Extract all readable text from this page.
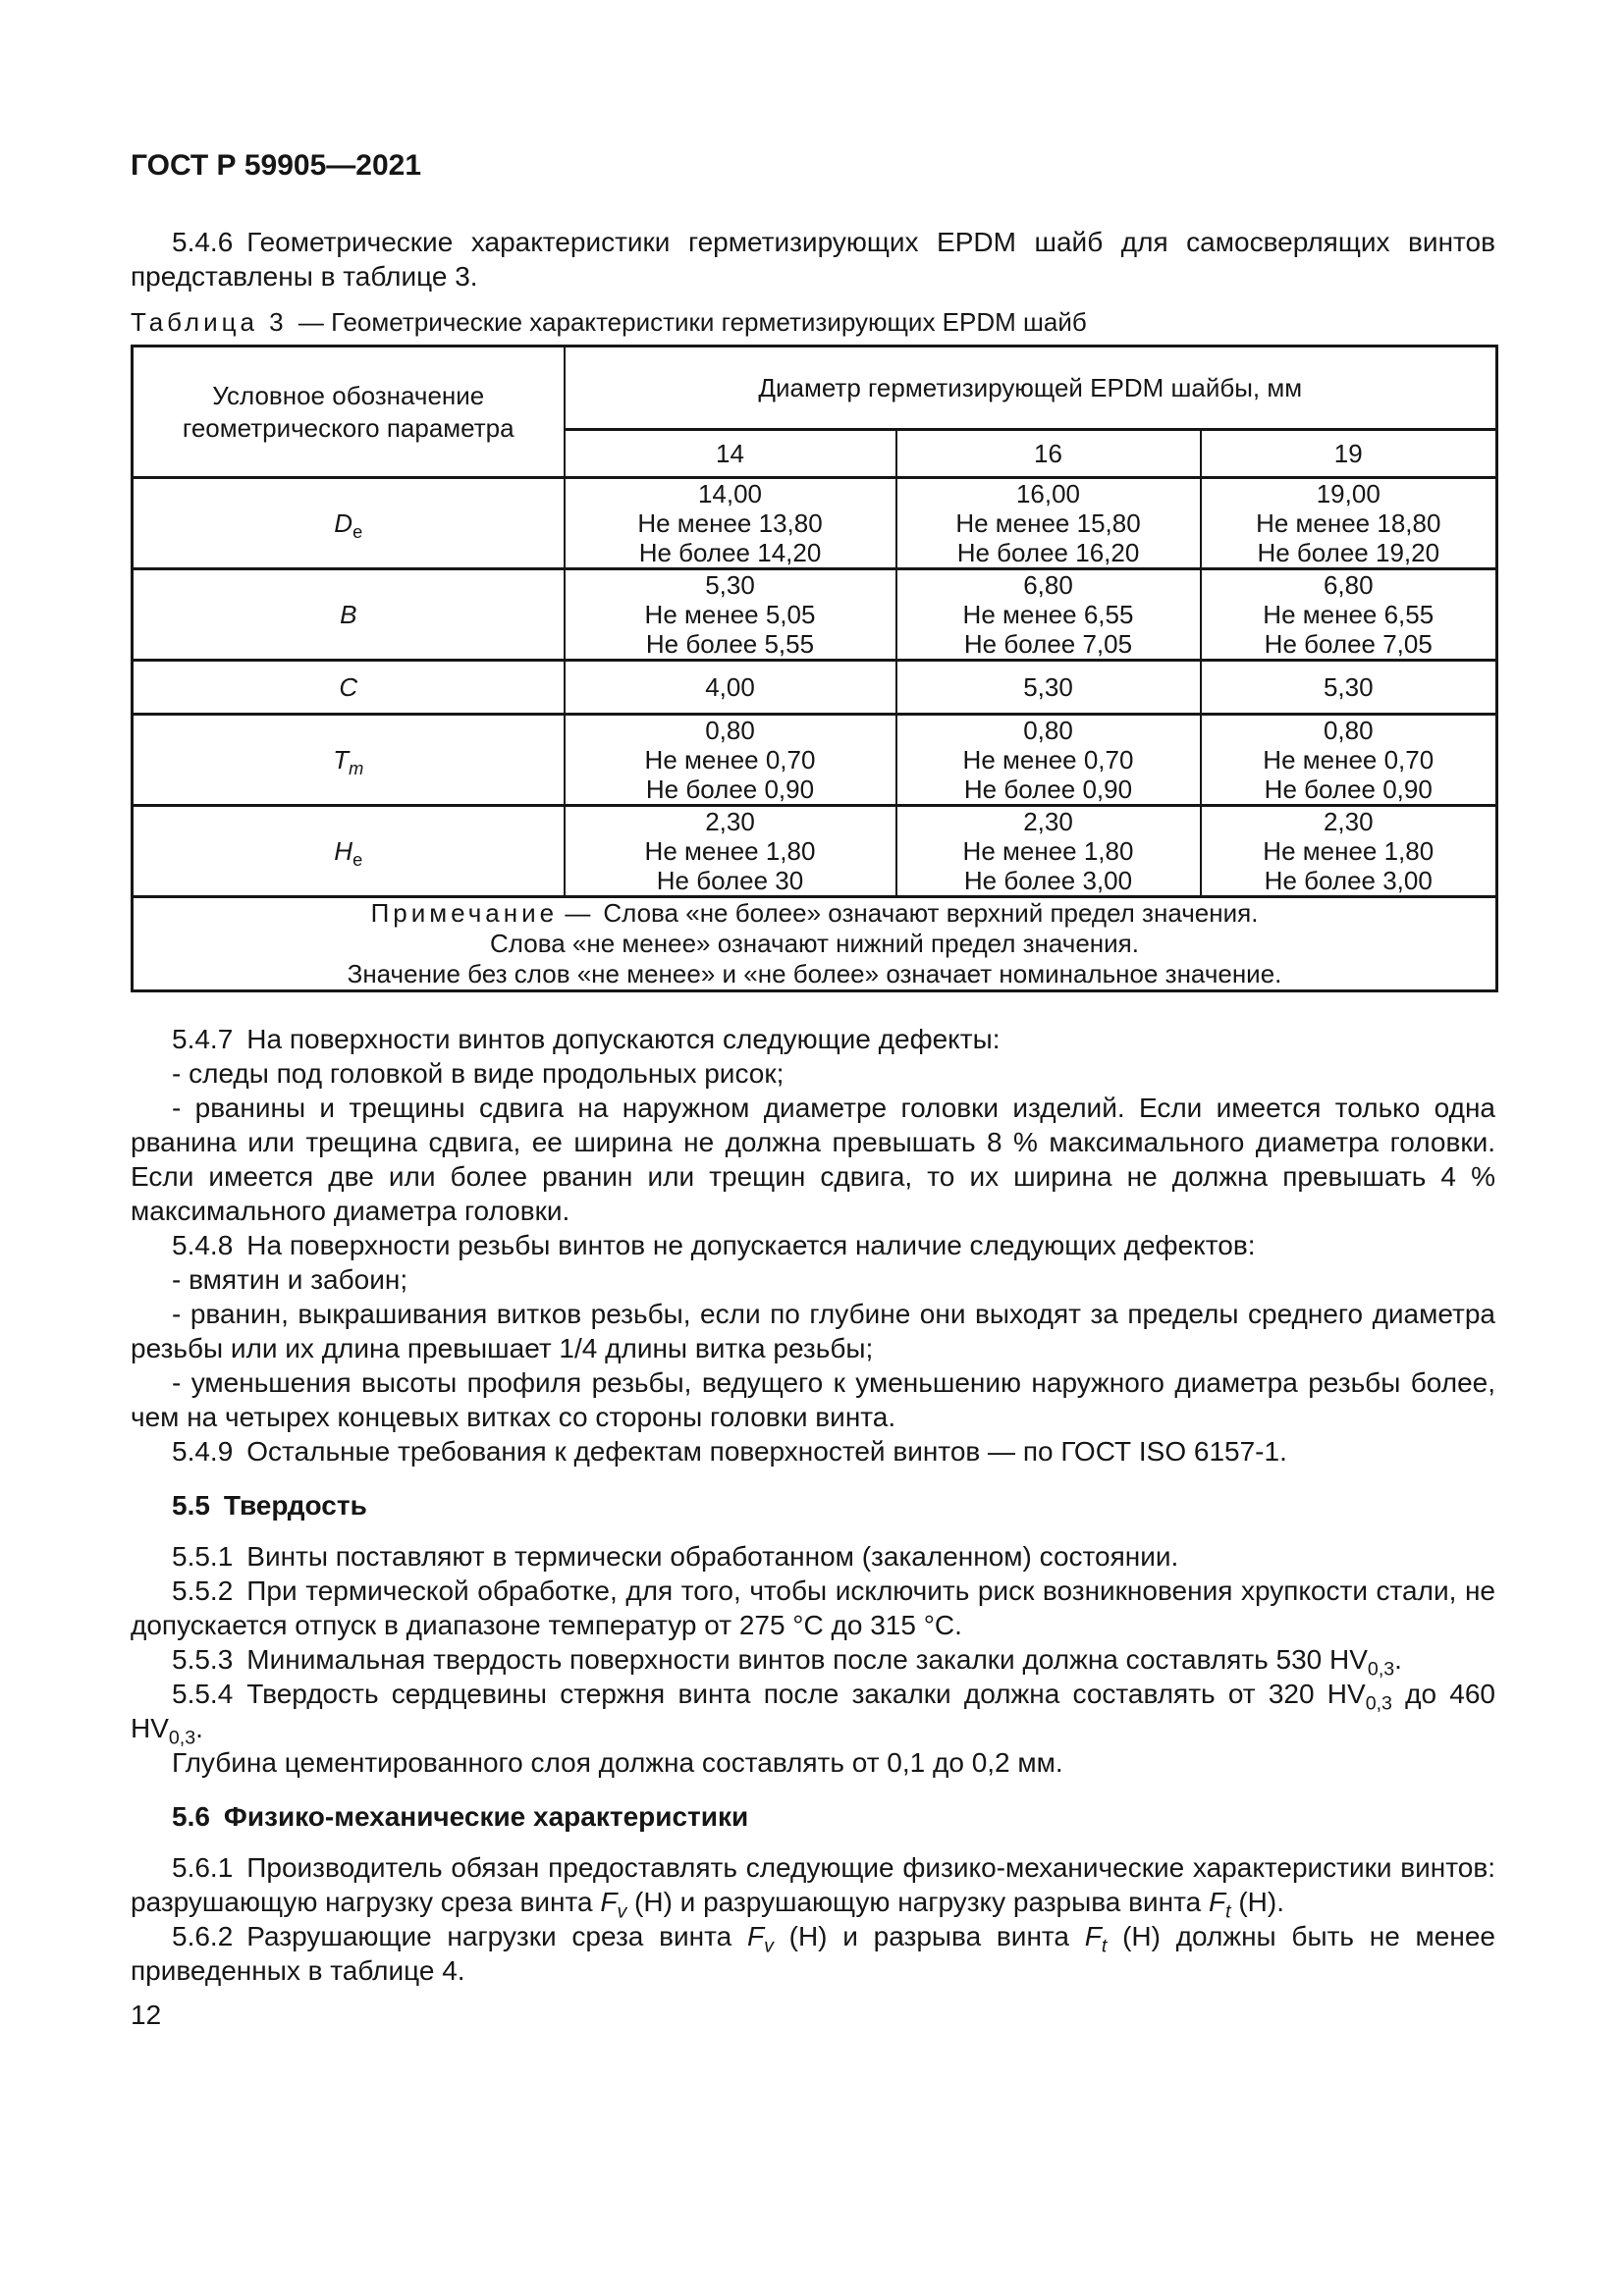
ГОСТ Р 59905—2021

5.4.6 Геометрические характеристики герметизирующих EPDM шайб для самосверлящих винтов представлены в таблице 3.

Таблица 3 — Геометрические характеристики герметизирующих EPDM шайб
Условное обозначение геометрического параметра	Диаметр герметизирующей EPDM шайбы, мм		
	14	16	19
$D_e$	14,00
Не менее 13,80
Не более 14,20	16,00
Не менее 15,80
Не более 16,20	19,00
Не менее 18,80
Не более 19,20
B	5,30
Не менее 5,05
Не более 5,55	6,80
Не менее 6,55
Не более 7,05	6,80
Не менее 6,55
Не более 7,05
C	4,00	5,30	5,30
$T_m$	0,80
Не менее 0,70
Не более 0,90	0,80
Не менее 0,70
Не более 0,90	0,80
Не менее 0,70
Не более 0,90
$H_e$	2,30
Не менее 1,80
Не более 30	2,30
Не менее 1,80
Не более 3,00	2,30
Не менее 1,80
Не более 3,00

Примечание — Слова «не более» означают верхний предел значения.
Слова «не менее» означают нижний предел значения.
Значение без слов «не менее» и «не более» означает номинальное значение.			

5.4.7 На поверхности винтов допускаются следующие дефекты:

- следы под головкой в виде продольных рисок;

- рванины и трещины сдвига на наружном диаметре головки изделий. Если имеется только одна рванина или трещина сдвига, ее ширина не должна превышать 8 % максимального диаметра головки. Если имеется две или более рванин или трещин сдвига, то их ширина не должна превышать 4 % максимального диаметра головки.

5.4.8 На поверхности резьбы винтов не допускается наличие следующих дефектов:

- вмятин и забоин;

- рванин, выкрашивания витков резьбы, если по глубине они выходят за пределы среднего диаметра резьбы или их длина превышает 1/4 длины витка резьбы;

- уменьшения высоты профиля резьбы, ведущего к уменьшению наружного диаметра резьбы более, чем на четырех концевых витках со стороны головки винта.

5.4.9 Остальные требования к дефектам поверхностей винтов — по ГОСТ ISO 6157-1.

5.5 Твердость

5.5.1 Винты поставляют в термически обработанном (закаленном) состоянии.

5.5.2 При термической обработке, для того, чтобы исключить риск возникновения хрупкости стали, не допускается отпуск в диапазоне температур от 275 °С до 315 °С.

5.5.3 Минимальная твердость поверхности винтов после закалки должна составлять 530 $HV_{0,3}$.

5.5.4 Твердость сердцевины стержня винта после закалки должна составлять от 320 $HV_{0,3}$ до 460 $HV_{0,3}$.

Глубина цементированного слоя должна составлять от 0,1 до 0,2 мм.

5.6 Физико-механические характеристики

5.6.1 Производитель обязан предоставлять следующие физико-механические характеристики винтов: разрушающую нагрузку среза винта $F_v$ (Н) и разрушающую нагрузку разрыва винта $F_t$ (Н).

5.6.2 Разрушающие нагрузки среза винта $F_v$ (Н) и разрыва винта $F_t$ (Н) должны быть не менее приведенных в таблице 4.

12
